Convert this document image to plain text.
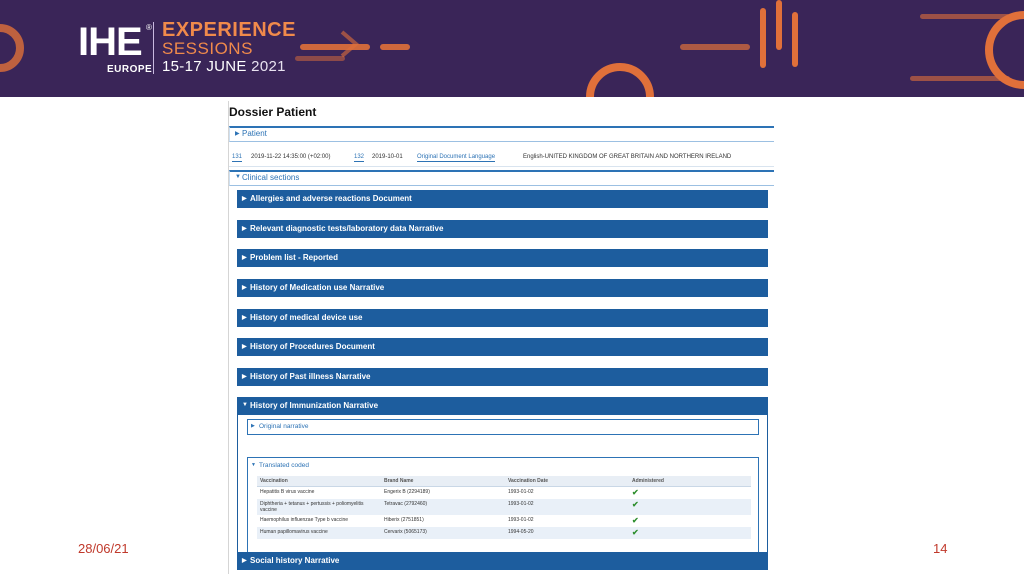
IHE ®
EUROPE
EXPERIENCE
SESSIONS
15-17 JUNE 2021
28/06/21	14
Dossier Patient
▶ Patient
131 2019-11-22 14:35:00 (+02:00)	132 2019-10-01 Original Document Language	English-UNITED KINGDOM OF GREAT BRITAIN AND NORTHERN IRELAND
▼ Clinical sections
▶ Allergies and adverse reactions Document
▶ Relevant diagnostic tests/laboratory data Narrative
▶ Problem list - Reported
▶ History of Medication use Narrative
▶ History of medical device use
▶ History of Procedures Document
▶ History of Past illness Narrative
▼ History of Immunization Narrative
▶ Original narrative
▼ Translated coded
Vaccination	Brand Name	Vaccination Date	Administered
Hepatitis B virus vaccine	Engerix B (2294189)	1993-01-02	✔
Diphtheria + tetanus + pertussis + poliomyelitis vaccine	Tetravac (2792460)	1993-01-02	✔
Haemophilus influenzae Type b vaccine	Hiberix (2751851)	1993-01-02	✔
Human papillomavirus vaccine	Cervarix (5065173)	1994-05-20	✔
▶ Social history Narrative
